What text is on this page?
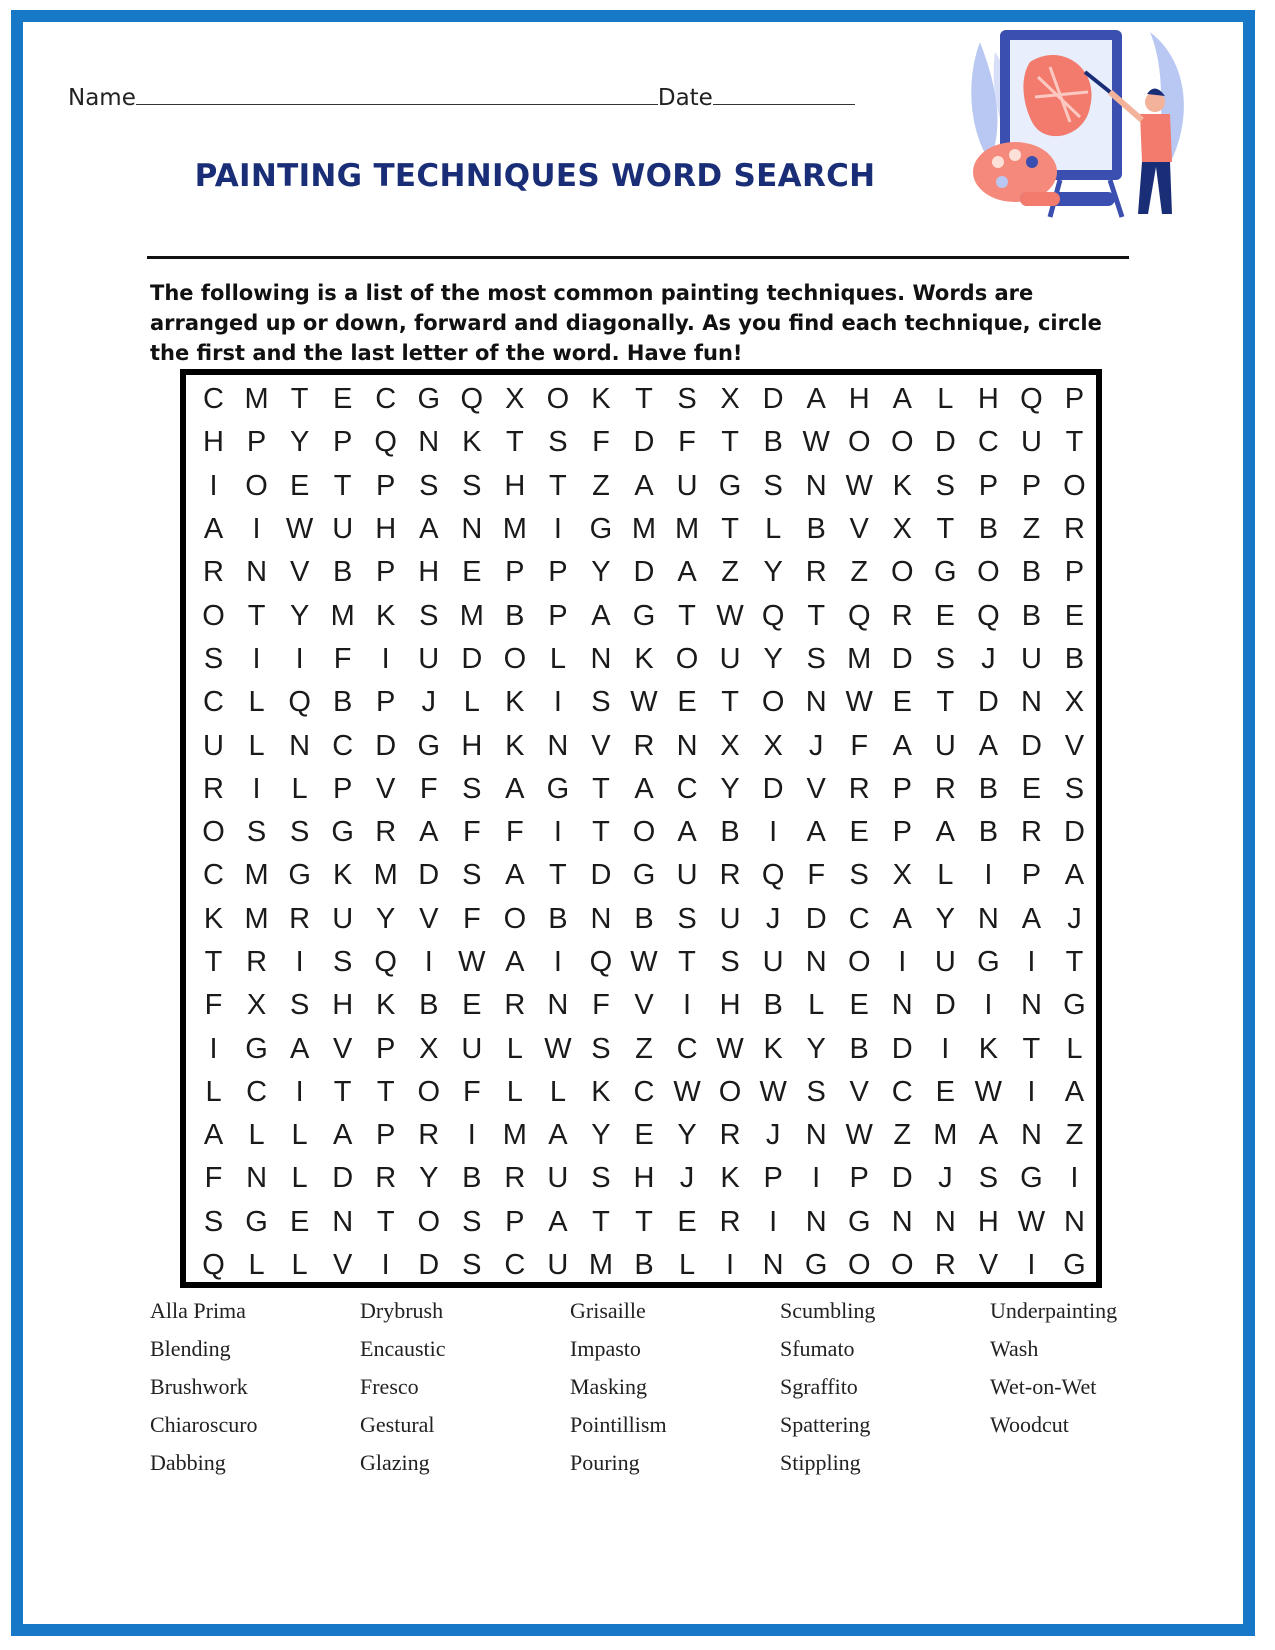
Name	Date
PAINTING TECHNIQUES WORD SEARCH
The following is a list of the most common painting techniques. Words are arranged up or down, forward and diagonally. As you find each technique, circle the first and the last letter of the word. Have fun!
C M T E C G Q X O K T S X D A H A L H Q P
H P Y P Q N K T S F D F T B W O O D C U T
I O E T P S S H T Z A U G S N W K S P P O
A	I W U H A N M I G M M T L B V X T B Z R
R N V B P H E P P Y D A Z Y R Z O G O B P
O T Y M K S M B P A G T W Q T Q R E Q B E
S	I	I	F	I U D O L N K O U Y S M D S J U B
C L Q B P J L K	I	S W E T O N W E T D N X
U L N C D G H K N V R N X X J F A U A D V
R I	L P V F S A G T A C Y D V R P R B E S
O S S G R A F F	I	T O A B	I	A E P A B R D
C M G K M D S A T D G U R Q F S X L	I	P A
K M R U Y V F O B N B S U J D C A Y N A J
T R I	S Q I W A	I Q W T S U N O I U G I	T
F X S H K B E R N F V	I H B L E N D I N G
I G A V P X U L W S Z C W K Y B D I	K T L
L C I	T T O F L L K C W O W S V C E W I	A
A L L A P R I M A Y E Y R J N W Z M A N Z
F N L D R Y B R U S H J K P	I	P D J S G I
S G E N T O S P A T T E R I N G N N H W N
Q L L V	I D S C U M B L	I N G O O R V	I G
Alla Prima
Blending
Brushwork
Chiaroscuro
Dabbing
Drybrush
Encaustic
Fresco
Gestural
Glazing
Grisaille
Impasto
Masking
Pointillism
Pouring
Scumbling
Sfumato
Sgraffito
Spattering
Stippling
Underpainting
Wash
Wet-on-Wet
Woodcut
